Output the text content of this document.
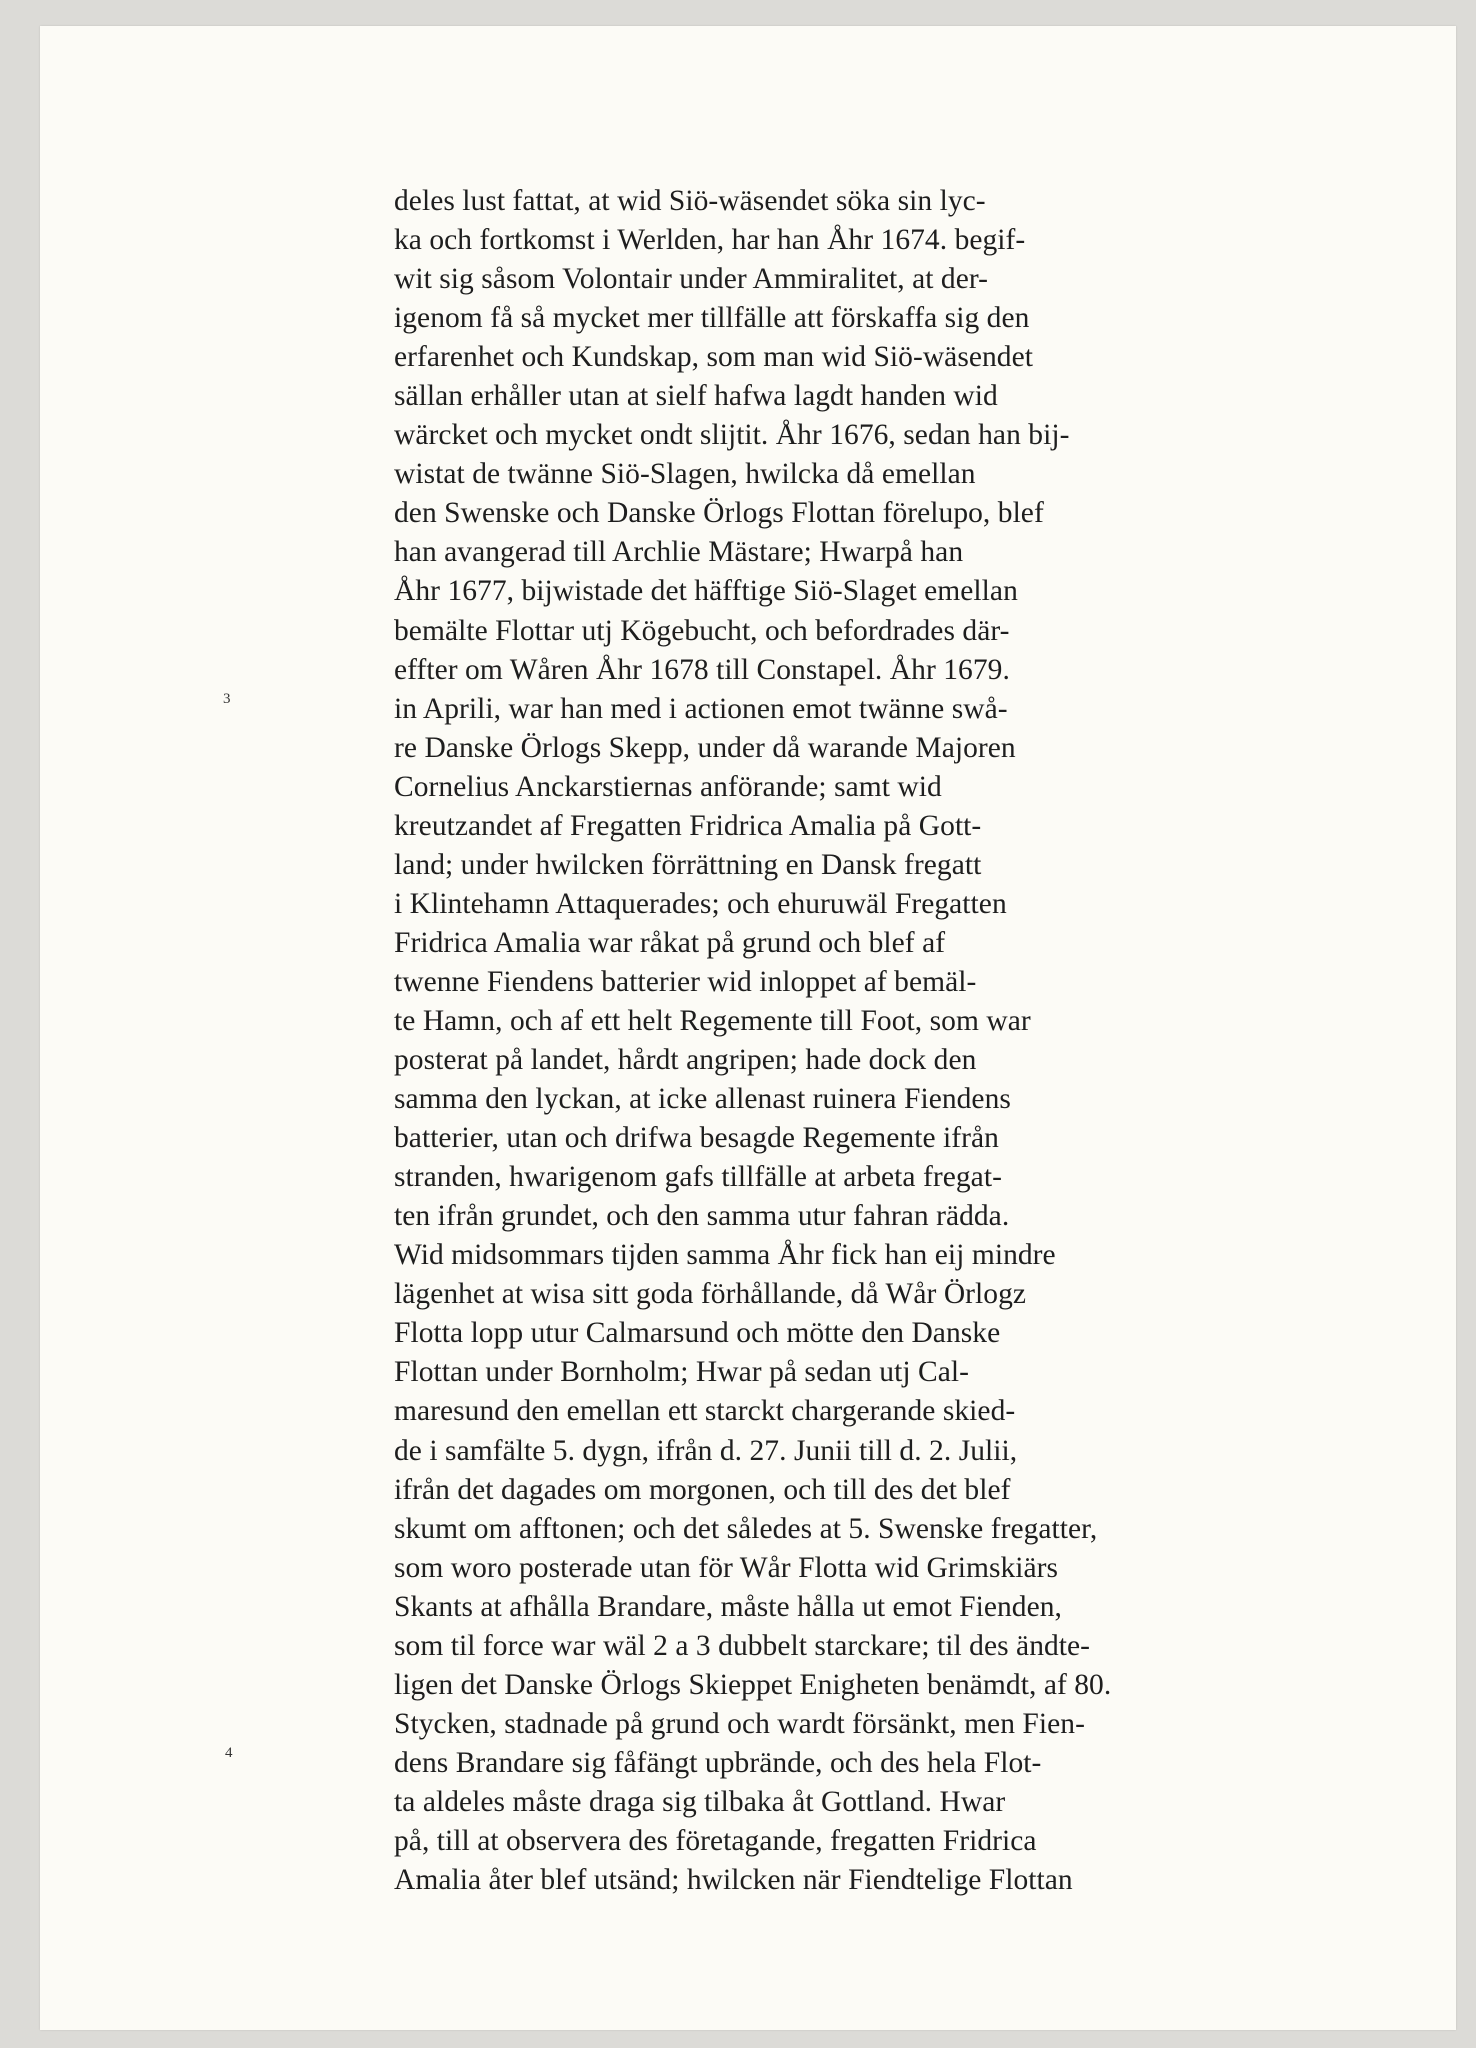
3
4
deles lust fattat, at wid Siö-wäsendet söka sin lyc-
ka och fortkomst i Werlden, har han Åhr 1674. begif-
wit sig såsom Volontair under Ammiralitet, at der-
igenom få så mycket mer tillfälle att förskaffa sig den
erfarenhet och Kundskap, som man wid Siö-wäsendet
sällan erhåller utan at sielf hafwa lagdt handen wid
wärcket och mycket ondt slijtit. Åhr 1676, sedan han bij-
wistat de twänne Siö-Slagen, hwilcka då emellan
den Swenske och Danske Örlogs Flottan förelupo, blef
han avangerad till Archlie Mästare; Hwarpå han
Åhr 1677, bijwistade det häfftige Siö-Slaget emellan
bemälte Flottar utj Kögebucht, och befordrades där-
effter om Wåren Åhr 1678 till Constapel. Åhr 1679.
in Aprili, war han med i actionen emot twänne swå-
re Danske Örlogs Skepp, under då warande Majoren
Cornelius Anckarstiernas anförande; samt wid
kreutzandet af Fregatten Fridrica Amalia på Gott-
land; under hwilcken förrättning en Dansk fregatt
i Klintehamn Attaquerades; och ehuruwäl Fregatten
Fridrica Amalia war råkat på grund och blef af
twenne Fiendens batterier wid inloppet af bemäl-
te Hamn, och af ett helt Regemente till Foot, som war
posterat på landet, hårdt angripen; hade dock den
samma den lyckan, at icke allenast ruinera Fiendens
batterier, utan och drifwa besagde Regemente ifrån
stranden, hwarigenom gafs tillfälle at arbeta fregat-
ten ifrån grundet, och den samma utur fahran rädda.
Wid midsommars tijden samma Åhr fick han eij mindre
lägenhet at wisa sitt goda förhållande, då Wår Örlogz
Flotta lopp utur Calmarsund och mötte den Danske
Flottan under Bornholm; Hwar på sedan utj Cal-
maresund den emellan ett starckt chargerande skied-
de i samfälte 5. dygn, ifrån d. 27. Junii till d. 2. Julii,
ifrån det dagades om morgonen, och till des det blef
skumt om afftonen; och det således at 5. Swenske fregatter,
som woro posterade utan för Wår Flotta wid Grimskiärs
Skants at afhålla Brandare, måste hålla ut emot Fienden,
som til force war wäl 2 a 3 dubbelt starckare; til des ändte-
ligen det Danske Örlogs Skieppet Enigheten benämdt, af 80.
Stycken, stadnade på grund och wardt försänkt, men Fien-
dens Brandare sig fåfängt upbrände, och des hela Flot-
ta aldeles måste draga sig tilbaka åt Gottland. Hwar
på, till at observera des företagande, fregatten Fridrica
Amalia åter blef utsänd; hwilcken när Fiendtelige Flottan
